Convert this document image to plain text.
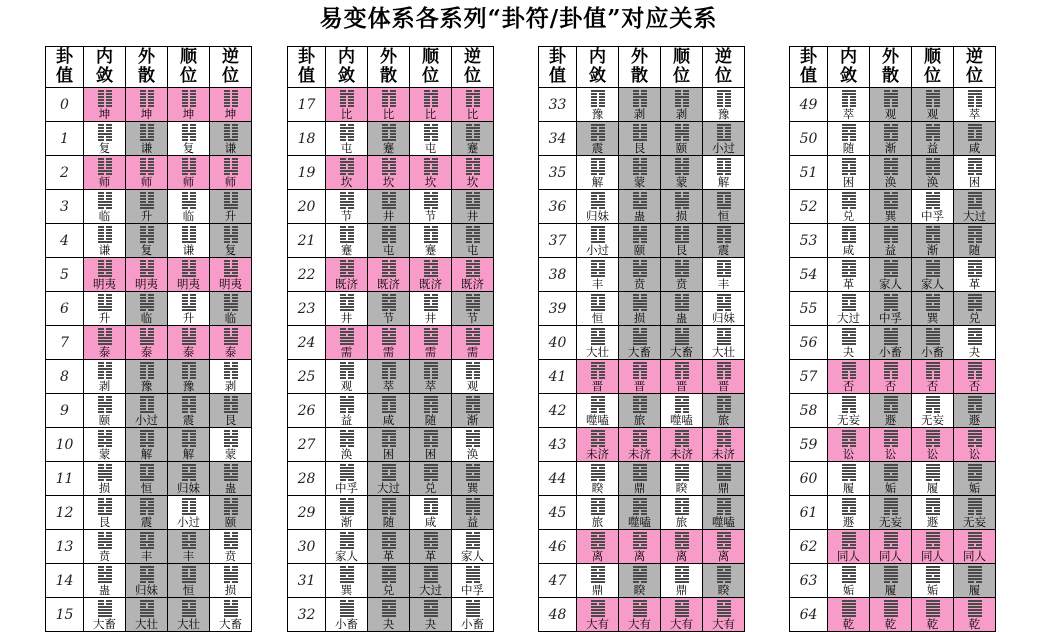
易变体系各系列“卦符/卦值”对应关系
卦值	内敛	外散	顺位	逆位
0	坤	坤	坤	坤

1	复	谦	复	谦

2	师	师	师	师

3	临	升	临	升

4	谦	复	谦	复

5	明夷	明夷	明夷	明夷

6	升	临	升	临

7	泰	泰	泰	泰

8	剥	豫	豫	剥

9	颐	小过	震	艮

10	蒙	解	解	蒙

11	损	恒	归妹	蛊

12	艮	震	小过	颐

13	贲	丰	丰	贲

14	蛊	归妹	恒	损

15	大畜	大壮	大壮	大畜
卦值	内敛	外散	顺位	逆位
17	比	比	比	比

18	屯	蹇	屯	蹇

19	坎	坎	坎	坎

20	节	井	节	井

21	蹇	屯	蹇	屯

22	既济	既济	既济	既济

23	井	节	井	节

24	需	需	需	需

25	观	萃	萃	观

26	益	咸	随	渐

27	涣	困	困	涣

28	中孚	大过	兑	巽

29	渐	随	咸	益

30	家人	革	革	家人

31	巽	兑	大过	中孚

32	小畜	夬	夬	小畜
卦值	内敛	外散	顺位	逆位
33	豫	剥	剥	豫

34	震	艮	颐	小过

35	解	蒙	蒙	解

36	归妹	蛊	损	恒

37	小过	颐	艮	震

38	丰	贲	贲	丰

39	恒	损	蛊	归妹

40	大壮	大畜	大畜	大壮

41	晋	晋	晋	晋

42	噬嗑	旅	噬嗑	旅

43	未济	未济	未济	未济

44	睽	鼎	睽	鼎

45	旅	噬嗑	旅	噬嗑

46	离	离	离	离

47	鼎	睽	鼎	睽

48	大有	大有	大有	大有
卦值	内敛	外散	顺位	逆位
49	萃	观	观	萃

50	随	渐	益	咸

51	困	涣	涣	困

52	兑	巽	中孚	大过

53	咸	益	渐	随

54	革	家人	家人	革

55	大过	中孚	巽	兑

56	夬	小畜	小畜	夬

57	否	否	否	否

58	无妄	遯	无妄	遯

59	讼	讼	讼	讼

60	履	姤	履	姤

61	遯	无妄	遯	无妄

62	同人	同人	同人	同人

63	姤	履	姤	履

64	乾	乾	乾	乾
